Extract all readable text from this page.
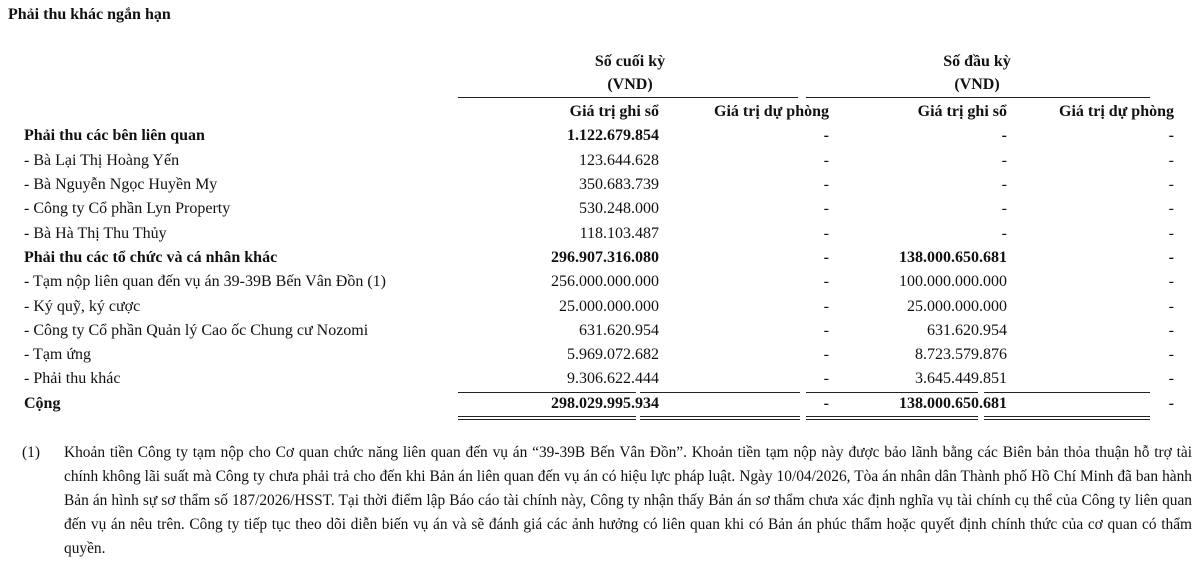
Phải thu khác ngắn hạn
Số cuối kỳ
(VND)
Số đầu kỳ
(VND)
	Giá trị ghi sổ	Giá trị dự phòng	Giá trị ghi sổ	Giá trị dự phòng
Phải thu các bên liên quan	1.122.679.854	-	-	-
- Bà Lại Thị Hoàng Yến	123.644.628	-	-	-
- Bà Nguyễn Ngọc Huyền My	350.683.739	-	-	-
- Công ty Cổ phần Lyn Property	530.248.000	-	-	-
- Bà Hà Thị Thu Thủy	118.103.487	-	-	-
Phải thu các tổ chức và cá nhân khác	296.907.316.080	-	138.000.650.681	-
- Tạm nộp liên quan đến vụ án 39-39B Bến Vân Đồn (1)	256.000.000.000	-	100.000.000.000	-
- Ký quỹ, ký cược	25.000.000.000	-	25.000.000.000	-
- Công ty Cổ phần Quản lý Cao ốc Chung cư Nozomi	631.620.954	-	631.620.954	-
- Tạm ứng	5.969.072.682	-	8.723.579.876	-
- Phải thu khác	9.306.622.444	-	3.645.449.851	-
Cộng	298.029.995.934	-	138.000.650.681	-
(1) Khoản tiền Công ty tạm nộp cho Cơ quan chức năng liên quan đến vụ án “39-39B Bến Vân Đồn”. Khoản tiền tạm nộp này được bảo lãnh bằng các Biên bản thỏa thuận hỗ trợ tài chính không lãi suất mà Công ty chưa phải trả cho đến khi Bản án liên quan đến vụ án có hiệu lực pháp luật. Ngày 10/04/2026, Tòa án nhân dân Thành phố Hồ Chí Minh đã ban hành Bản án hình sự sơ thẩm số 187/2026/HSST. Tại thời điểm lập Báo cáo tài chính này, Công ty nhận thấy Bản án sơ thẩm chưa xác định nghĩa vụ tài chính cụ thể của Công ty liên quan đến vụ án nêu trên. Công ty tiếp tục theo dõi diễn biến vụ án và sẽ đánh giá các ảnh hưởng có liên quan khi có Bản án phúc thẩm hoặc quyết định chính thức của cơ quan có thẩm quyền.
